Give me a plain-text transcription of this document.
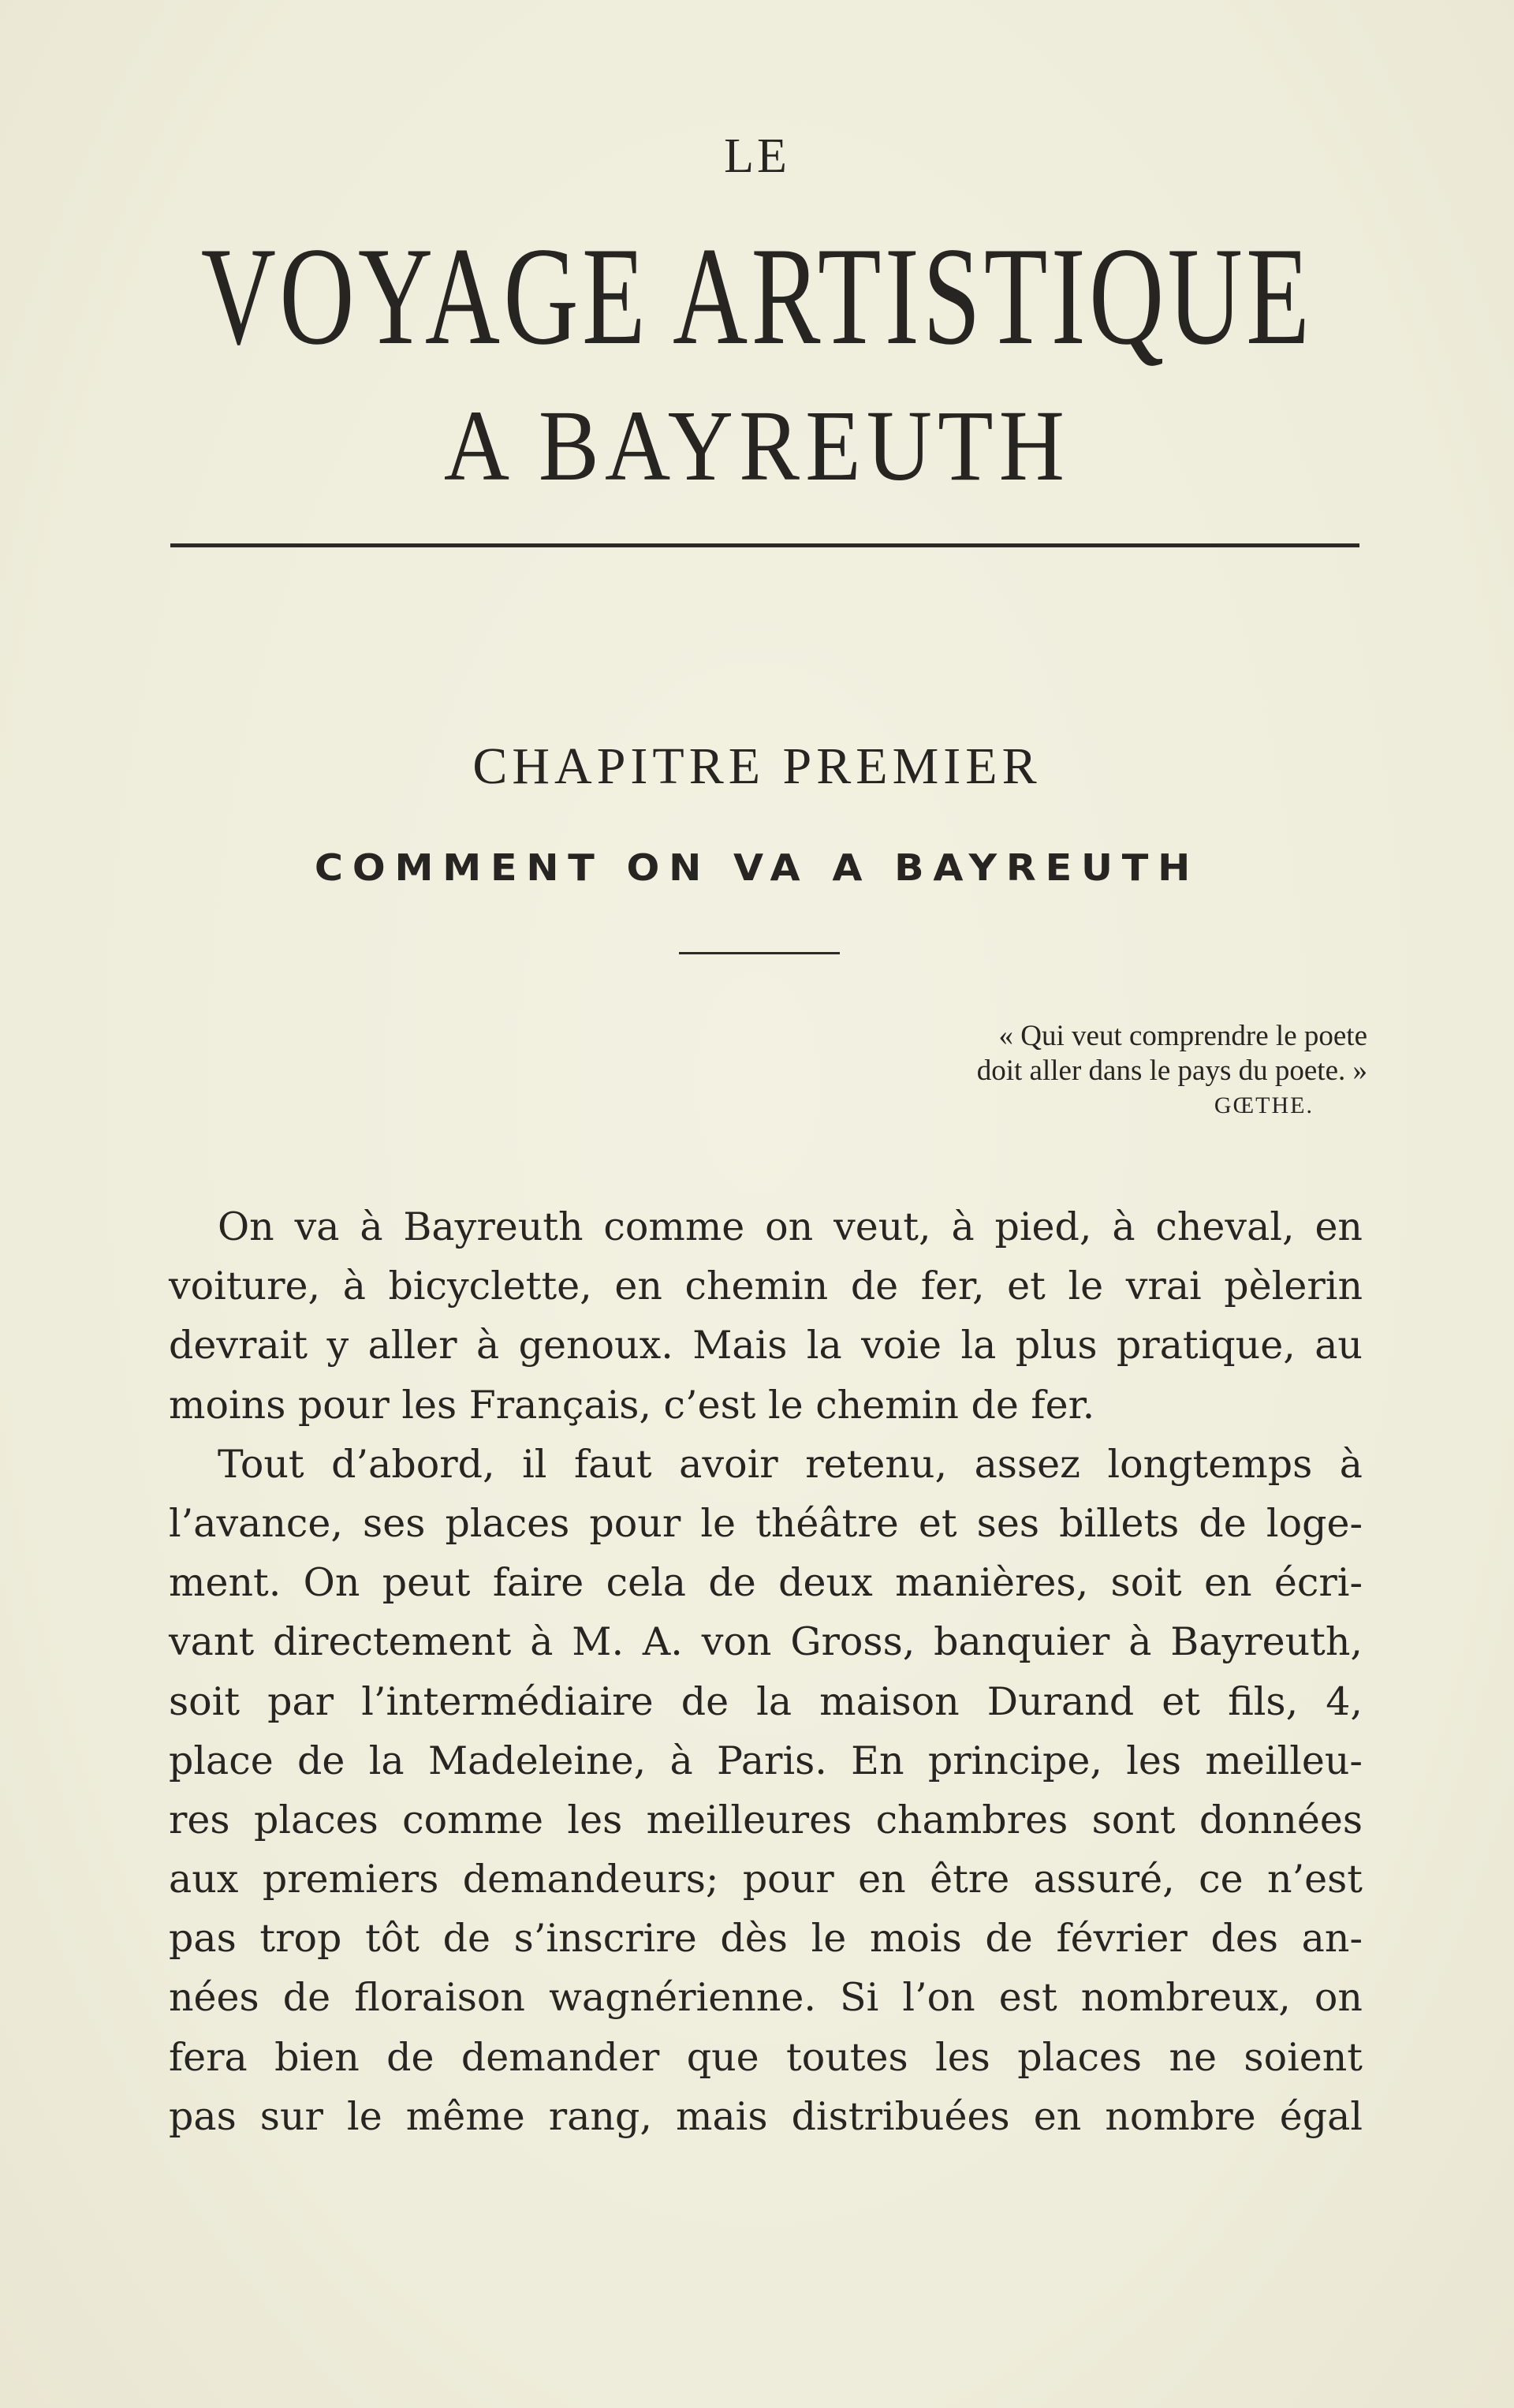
LE
VOYAGE ARTISTIQUE
A BAYREUTH
CHAPITRE PREMIER
COMMENT ON VA A BAYREUTH
« Qui veut comprendre le poete
doit aller dans le pays du poete. »
GŒTHE.
On va à Bayreuth comme on veut, à pied, à cheval, en
voiture, à bicyclette, en chemin de fer, et le vrai pèlerin
devrait y aller à genoux. Mais la voie la plus pratique, au
moins pour les Français, c’est le chemin de fer.
Tout d’abord, il faut avoir retenu, assez longtemps à
l’avance, ses places pour le théâtre et ses billets de loge-
ment. On peut faire cela de deux manières, soit en écri-
vant directement à M. A. von Gross, banquier à Bayreuth,
soit par l’intermédiaire de la maison Durand et fils, 4,
place de la Madeleine, à Paris. En principe, les meilleu-
res places comme les meilleures chambres sont données
aux premiers demandeurs; pour en être assuré, ce n’est
pas trop tôt de s’inscrire dès le mois de février des an-
nées de floraison wagnérienne. Si l’on est nombreux, on
fera bien de demander que toutes les places ne soient
pas sur le même rang, mais distribuées en nombre égal
